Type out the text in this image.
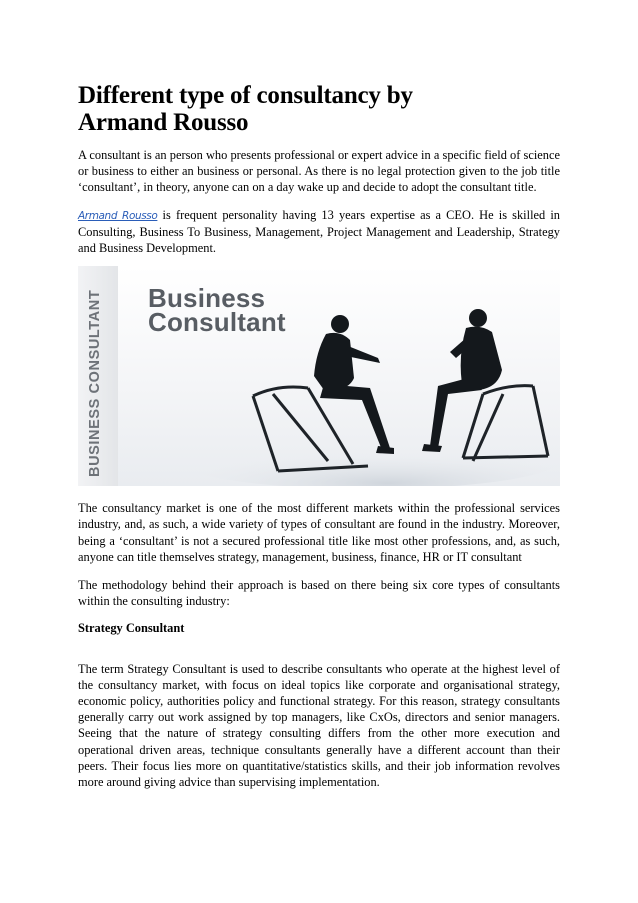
Different type of consultancy by
Armand Rousso

A consultant is an person who presents professional or expert advice in a specific field of science or business to either an business or personal. As there is no legal protection given to the job title ‘consultant’, in theory, anyone can on a day wake up and decide to adopt the consultant title.

Armand Rousso is frequent personality having 13 years expertise as a CEO. He is skilled in Consulting, Business To Business, Management, Project Management and Leadership, Strategy and Business Development.

BUSINESS CONSULTANT Business
Consultant

The consultancy market is one of the most different markets within the professional services industry, and, as such, a wide variety of types of consultant are found in the industry. Moreover, being a ‘consultant’ is not a secured professional title like most other professions, and, as such, anyone can title themselves strategy, management, business, finance, HR or IT consultant

The methodology behind their approach is based on there being six core types of consultants within the consulting industry:

Strategy Consultant

The term Strategy Consultant is used to describe consultants who operate at the highest level of the consultancy market, with focus on ideal topics like corporate and organisational strategy, economic policy, authorities policy and functional strategy. For this reason, strategy consultants generally carry out work assigned by top managers, like CxOs, directors and senior managers. Seeing that the nature of strategy consulting differs from the other more execution and operational driven areas, technique consultants generally have a different account than their peers. Their focus lies more on quantitative/statistics skills, and their job information revolves more around giving advice than supervising implementation.
